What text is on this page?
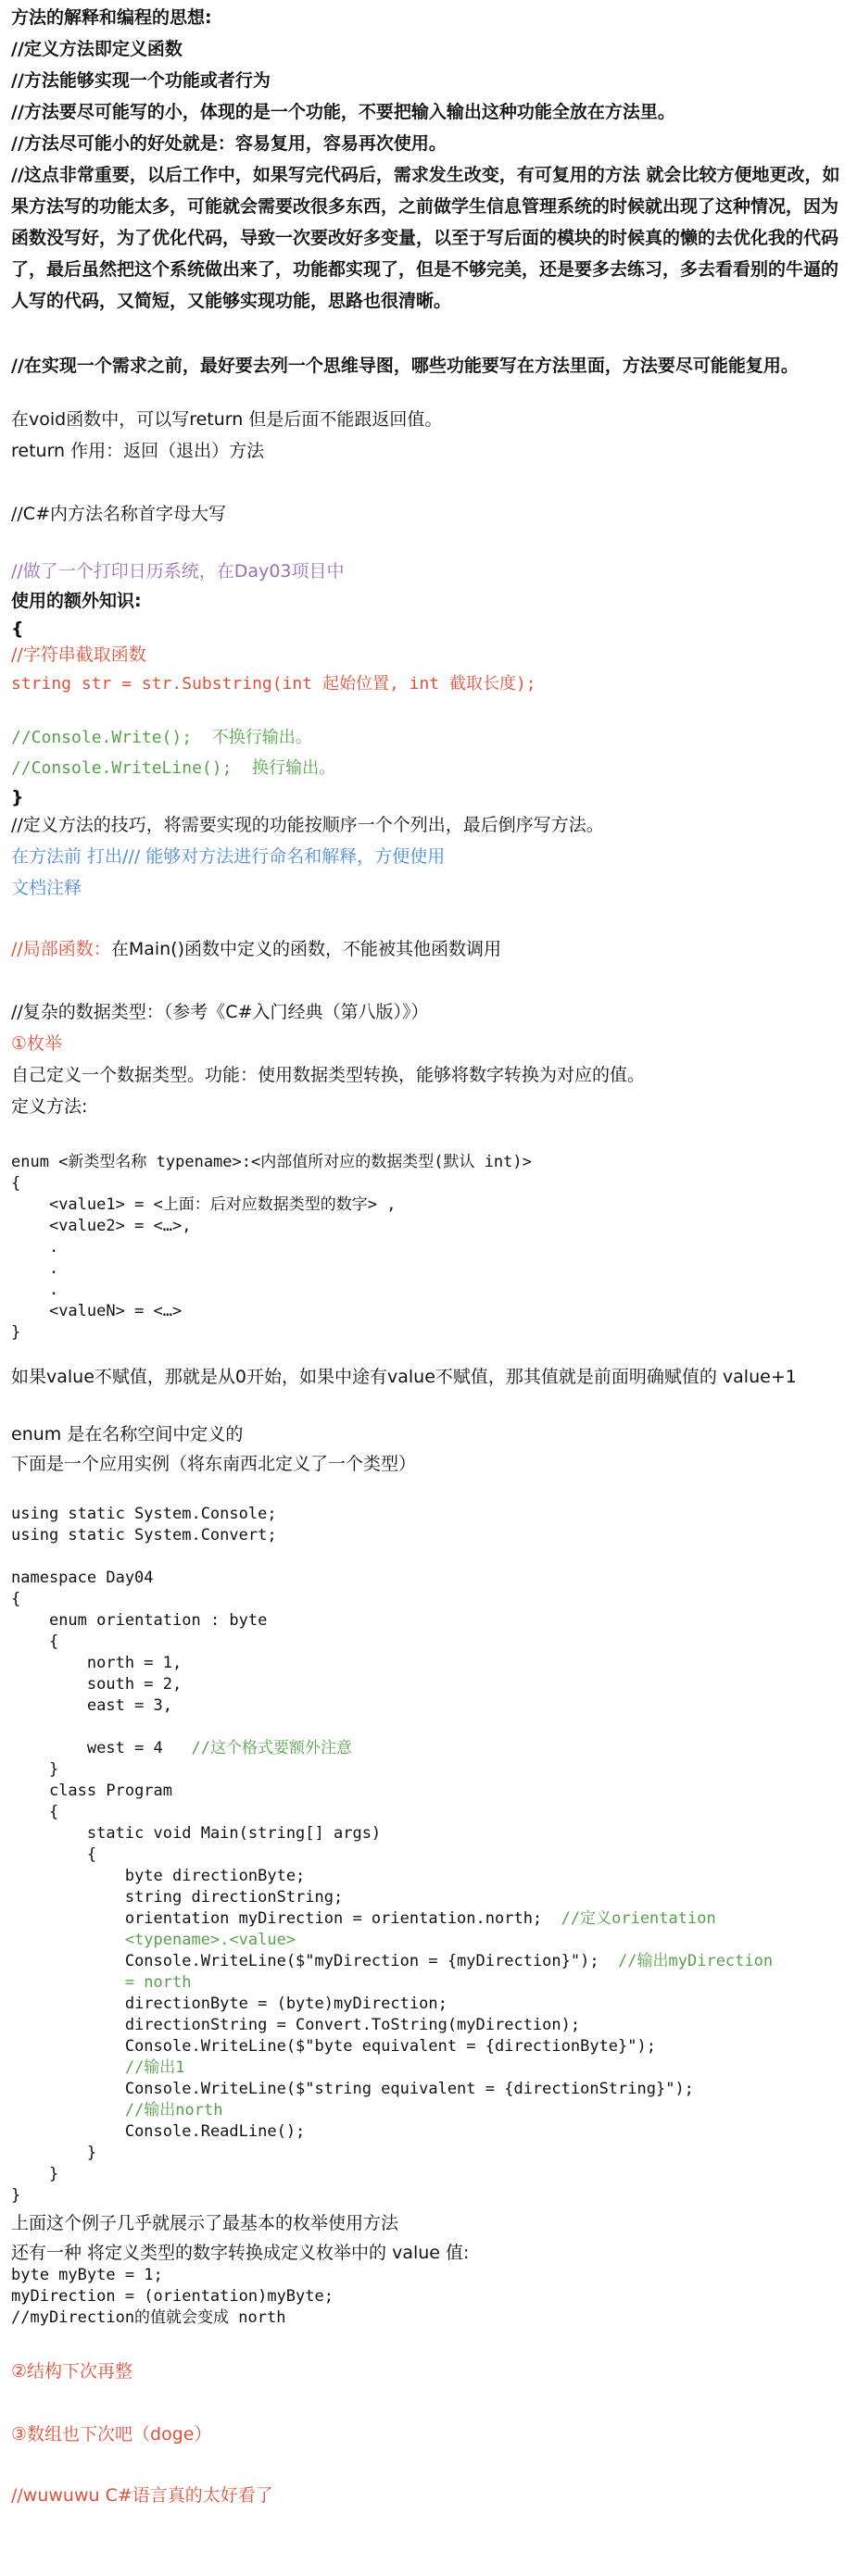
方法的解释和编程的思想:
//定义方法即定义函数
//方法能够实现一个功能或者行为
//方法要尽可能写的小，体现的是一个功能，不要把输入输出这种功能全放在方法里。
//方法尽可能小的好处就是：容易复用，容易再次使用。
//这点非常重要，以后工作中，如果写完代码后，需求发生改变，有可复用的方法 就会比较方便地更改，如果方法写的功能太多，可能就会需要改很多东西，之前做学生信息管理系统的时候就出现了这种情况，因为函数没写好，为了优化代码，导致一次要改好多变量，以至于写后面的模块的时候真的懒的去优化我的代码了，最后虽然把这个系统做出来了，功能都实现了，但是不够完美，还是要多去练习，多去看看别的牛逼的人写的代码，又简短，又能够实现功能，思路也很清晰。
//在实现一个需求之前，最好要去列一个思维导图，哪些功能要写在方法里面，方法要尽可能能复用。
在void函数中，可以写return 但是后面不能跟返回值。
return 作用：返回（退出）方法
//C#内方法名称首字母大写
//做了一个打印日历系统，在Day03项目中
使用的额外知识:
{
//字符串截取函数
string str = str.Substring(int 起始位置, int 截取长度);
//Console.Write();  不换行输出。
//Console.WriteLine();  换行输出。
}
//定义方法的技巧，将需要实现的功能按顺序一个个列出，最后倒序写方法。
在方法前 打出/// 能够对方法进行命名和解释，方便使用
文档注释
//局部函数：在Main()函数中定义的函数，不能被其他函数调用
//复杂的数据类型：（参考《C#入门经典（第八版）》）
①枚举
自己定义一个数据类型。功能：使用数据类型转换，能够将数字转换为对应的值。
定义方法:
enum <新类型名称 typename>:<内部值所对应的数据类型(默认 int)>
{
<value1> = <上面：后对应数据类型的数字> ,
<value2> = <…>,
.
.
.
<valueN> = <…>
}
如果value不赋值，那就是从0开始，如果中途有value不赋值，那其值就是前面明确赋值的 value+1
enum 是在名称空间中定义的
下面是一个应用实例（将东南西北定义了一个类型）
using static System.Console;
using static System.Convert;

namespace Day04
{
enum orientation : byte
{
north = 1,
south = 2,
east = 3,
west = 4   //这个格式要额外注意
}
class Program
{
static void Main(string[] args)
{
byte directionByte;
string directionString;
orientation myDirection = orientation.north;  //定义orientation
<typename>.<value>
Console.WriteLine($"myDirection = {myDirection}");  //输出myDirection
= north
directionByte = (byte)myDirection;
directionString = Convert.ToString(myDirection);
Console.WriteLine($"byte equivalent = {directionByte}");
//输出1
Console.WriteLine($"string equivalent = {directionString}");
//输出north
Console.ReadLine();
}
}
}
上面这个例子几乎就展示了最基本的枚举使用方法
还有一种 将定义类型的数字转换成定义枚举中的 value 值:
byte myByte = 1;
myDirection = (orientation)myByte;
//myDirection的值就会变成 north
②结构下次再整
③数组也下次吧（doge）
//wuwuwu C#语言真的太好看了
